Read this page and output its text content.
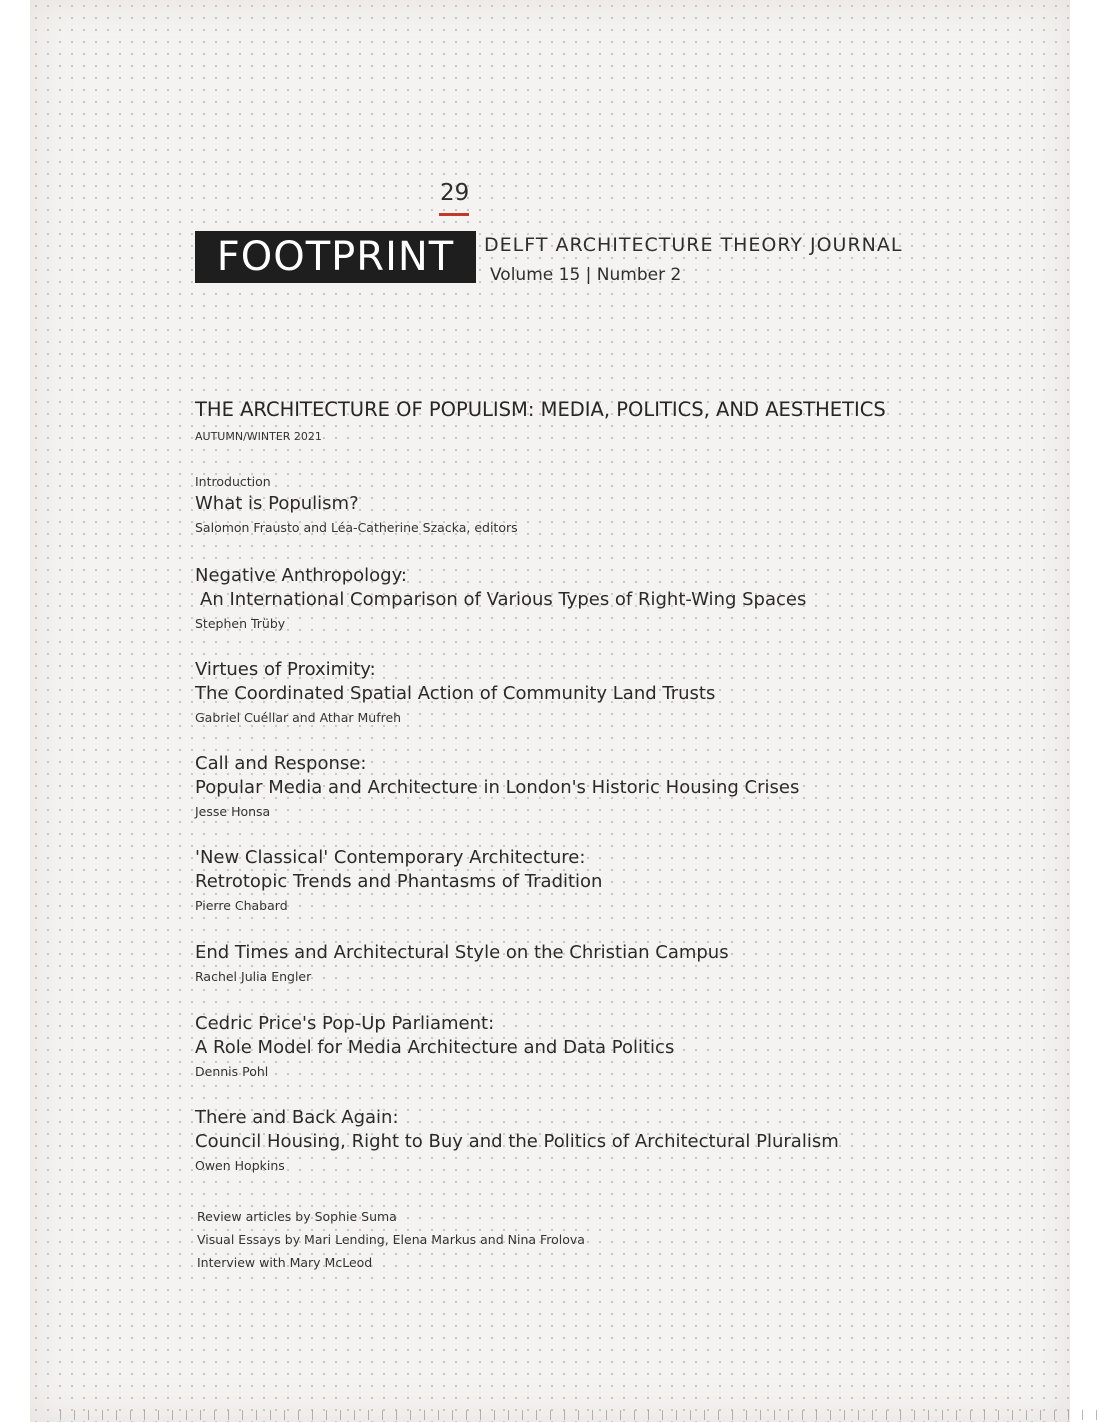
29
FOOTPRINT	DELFT ARCHITECTURE THEORY JOURNAL
Volume 15 | Number 2
THE ARCHITECTURE OF POPULISM: MEDIA, POLITICS, AND AESTHETICS
AUTUMN/WINTER 2021
Introduction
What is Populism?
Salomon Frausto and Léa-Catherine Szacka, editors
Negative Anthropology:
An International Comparison of Various Types of Right-Wing Spaces
Stephen Trüby
Virtues of Proximity:
The Coordinated Spatial Action of Community Land Trusts
Gabriel Cuéllar and Athar Mufreh
Call and Response:
Popular Media and Architecture in London's Historic Housing Crises
Jesse Honsa
'New Classical' Contemporary Architecture:
Retrotopic Trends and Phantasms of Tradition
Pierre Chabard
End Times and Architectural Style on the Christian Campus
Rachel Julia Engler
Cedric Price's Pop-Up Parliament:
A Role Model for Media Architecture and Data Politics
Dennis Pohl
There and Back Again:
Council Housing, Right to Buy and the Politics of Architectural Pluralism
Owen Hopkins
Review articles by Sophie Suma
Visual Essays by Mari Lending, Elena Markus and Nina Frolova
Interview with Mary McLeod
